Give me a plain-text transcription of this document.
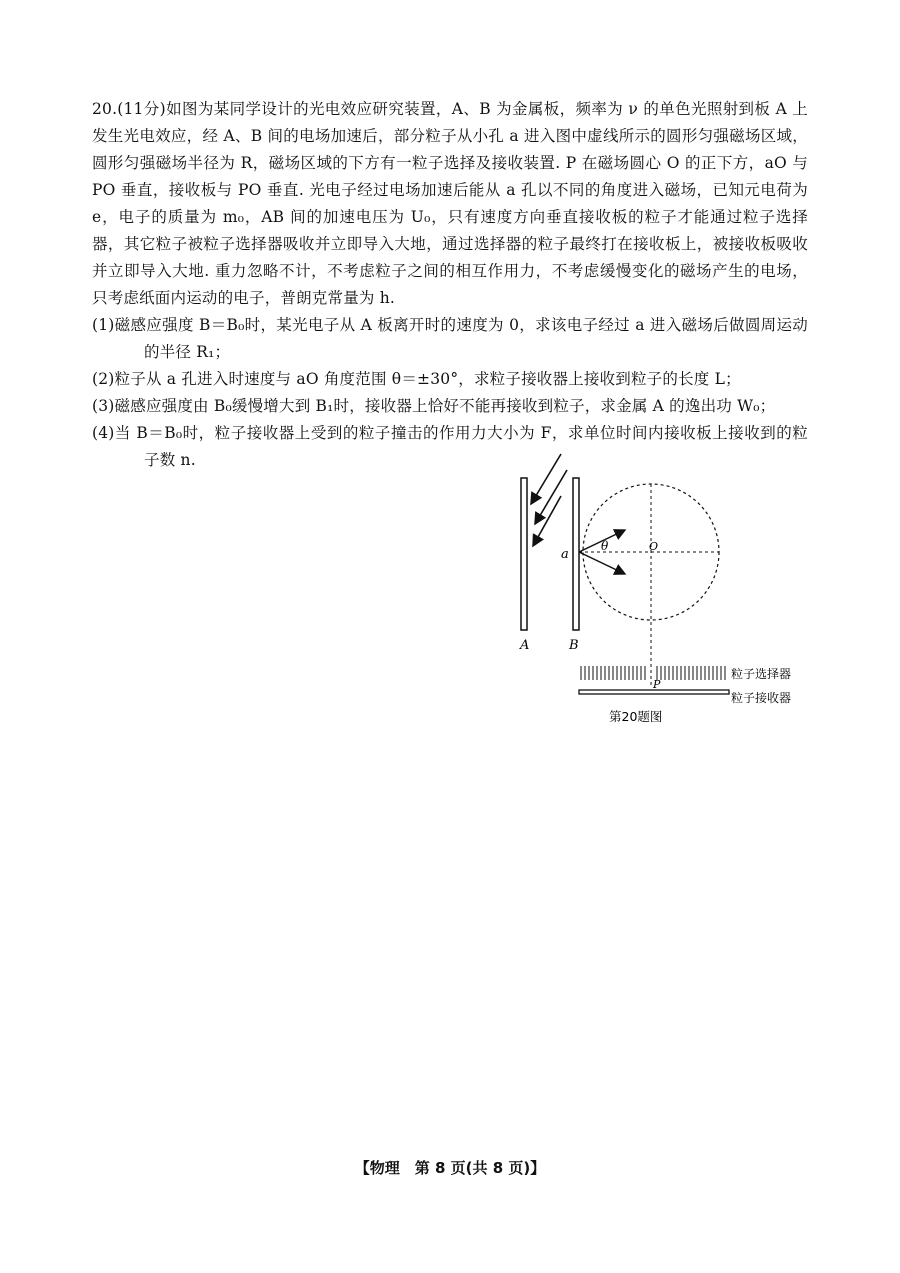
20.(11分)如图为某同学设计的光电效应研究装置，A、B 为金属板，频率为 ν 的单色光照射到板 A 上发生光电效应，经 A、B 间的电场加速后，部分粒子从小孔 a 进入图中虚线所示的圆形匀强磁场区域，圆形匀强磁场半径为 R，磁场区域的下方有一粒子选择及接收装置. P 在磁场圆心 O 的正下方，aO 与 PO 垂直，接收板与 PO 垂直. 光电子经过电场加速后能从 a 孔以不同的角度进入磁场，已知元电荷为 e，电子的质量为 m₀，AB 间的加速电压为 U₀，只有速度方向垂直接收板的粒子才能通过粒子选择器，其它粒子被粒子选择器吸收并立即导入大地，通过选择器的粒子最终打在接收板上，被接收板吸收并立即导入大地. 重力忽略不计，不考虑粒子之间的相互作用力，不考虑缓慢变化的磁场产生的电场，只考虑纸面内运动的电子，普朗克常量为 h.

(1)磁感应强度 B＝B₀时，某光电子从 A 板离开时的速度为 0，求该电子经过 a 进入磁场后做圆周运动的半径 R₁；

(2)粒子从 a 孔进入时速度与 aO 角度范围 θ＝±30°，求粒子接收器上接收到粒子的长度 L；

(3)磁感应强度由 B₀缓慢增大到 B₁时，接收器上恰好不能再接收到粒子，求金属 A 的逸出功 W₀；

(4)当 B＝B₀时，粒子接收器上受到的粒子撞击的作用力大小为 F，求单位时间内接收板上接收到的粒子数 n.

a
θ	O
A	B
粒子选择器
P
粒子接收器
第20题图
【物理　第 8 页(共 8 页)】
